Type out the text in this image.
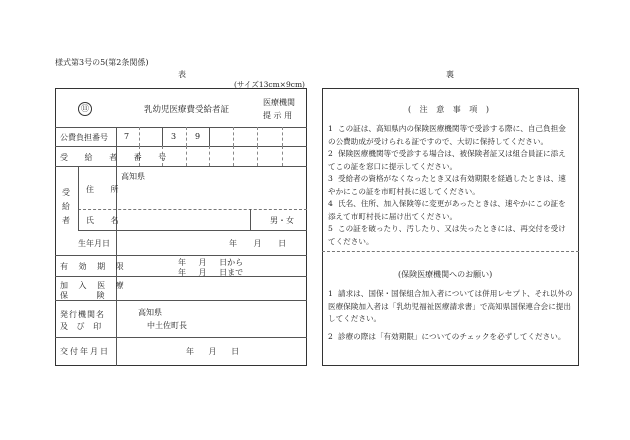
様式第3号の5(第2条関係)
表	裏
(サイズ13cm×9cm)
⑪	乳幼児医療費受給者証
医療機関
提 示 用
公費負担番号 7	3 9
受 給 者 番 号
受給者
住 所
高知県
氏 名	男・女
生年月日	年 月 日
有 効 期 限	年 月 日から
年 月 日まで
加 入 医 療
保 険
発行機関名
及 び 印
高知県
中土佐町長
交付年月日	年 月 日
( 注 意 事 項 )
1 この証は、高知県内の保険医療機関等で受診する際に、自己負担金の公費助成が受けられる証ですので、大切に保持してください。
2 保険医療機関等で受診する場合は、被保険者証又は組合員証に添えてこの証を窓口に提示してください。
3 受給者の資格がなくなったとき又は有効期限を経過したときは、速やかにこの証を市町村長に返してください。
4 氏名、住所、加入保険等に変更があったときは、速やかにこの証を添えて市町村長に届け出てください。
5 この証を破ったり、汚したり、又は失ったときには、再交付を受けてください。
(保険医療機関へのお願い)
1 請求は、国保・国保組合加入者については併用レセプト、それ以外の医療保険加入者は「乳幼児福祉医療請求書」で高知県国保連合会に提出してください。
2 診療の際は「有効期限」についてのチェックを必ずしてください。
